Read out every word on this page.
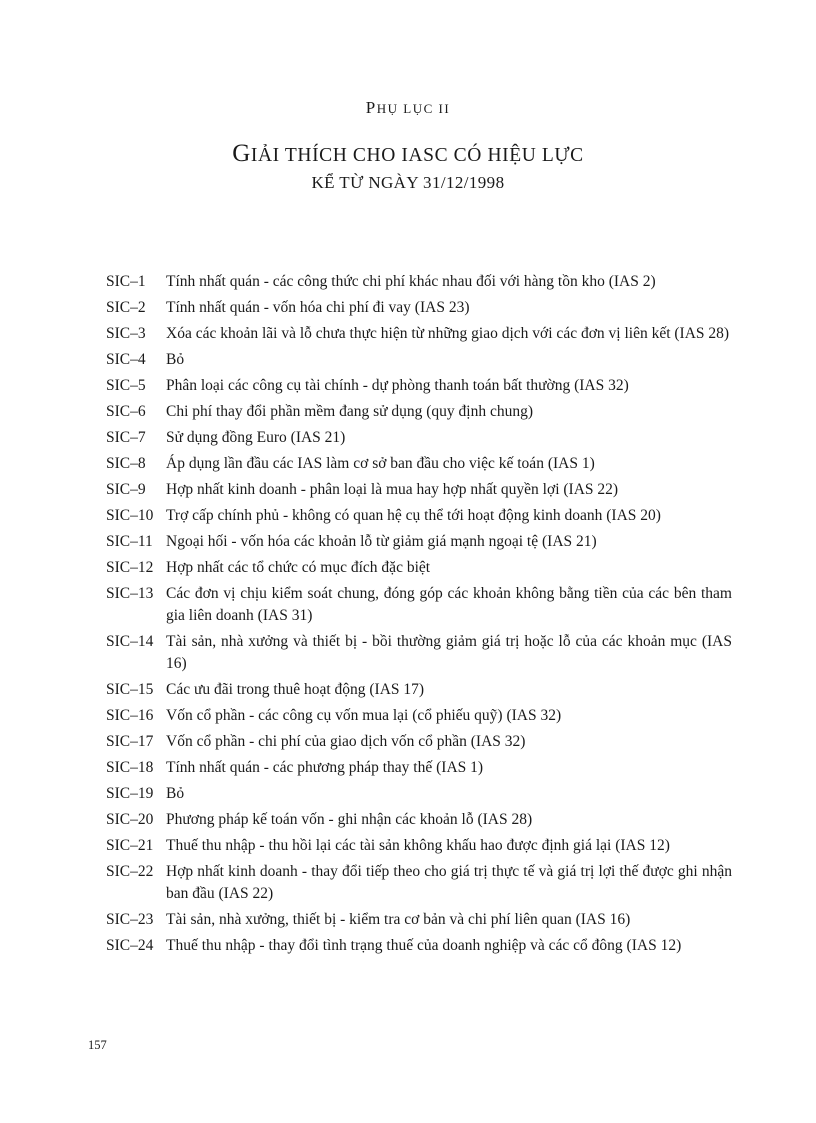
PHỤ LỤC II
GIẢI THÍCH CHO IASC CÓ HIỆU LỰC
KỂ TỪ NGÀY 31/12/1998

SIC–1 Tính nhất quán - các công thức chi phí khác nhau đối với hàng tồn kho (IAS 2)

SIC–2 Tính nhất quán - vốn hóa chi phí đi vay (IAS 23)

SIC–3 Xóa các khoản lãi và lỗ chưa thực hiện từ những giao dịch với các đơn vị liên kết (IAS 28)

SIC–4 Bỏ

SIC–5 Phân loại các công cụ tài chính - dự phòng thanh toán bất thường (IAS 32)

SIC–6 Chi phí thay đổi phần mềm đang sử dụng (quy định chung)

SIC–7 Sử dụng đồng Euro (IAS 21)

SIC–8 Áp dụng lần đầu các IAS làm cơ sở ban đầu cho việc kế toán (IAS 1)

SIC–9 Hợp nhất kinh doanh - phân loại là mua hay hợp nhất quyền lợi (IAS 22)

SIC–10 Trợ cấp chính phủ - không có quan hệ cụ thể tới hoạt động kinh doanh (IAS 20)

SIC–11 Ngoại hối - vốn hóa các khoản lỗ từ giảm giá mạnh ngoại tệ (IAS 21)

SIC–12 Hợp nhất các tổ chức có mục đích đặc biệt

SIC–13 Các đơn vị chịu kiểm soát chung, đóng góp các khoản không bằng tiền của các bên tham gia liên doanh (IAS 31)

SIC–14 Tài sản, nhà xưởng và thiết bị - bồi thường giảm giá trị hoặc lỗ của các khoản mục (IAS 16)

SIC–15 Các ưu đãi trong thuê hoạt động (IAS 17)

SIC–16 Vốn cổ phần - các công cụ vốn mua lại (cổ phiếu quỹ) (IAS 32)

SIC–17 Vốn cổ phần - chi phí của giao dịch vốn cổ phần (IAS 32)

SIC–18 Tính nhất quán - các phương pháp thay thế (IAS 1)

SIC–19 Bỏ

SIC–20 Phương pháp kế toán vốn - ghi nhận các khoản lỗ (IAS 28)

SIC–21 Thuế thu nhập - thu hồi lại các tài sản không khấu hao được định giá lại (IAS 12)

SIC–22 Hợp nhất kinh doanh - thay đổi tiếp theo cho giá trị thực tế và giá trị lợi thế được ghi nhận ban đầu (IAS 22)

SIC–23 Tài sản, nhà xưởng, thiết bị - kiểm tra cơ bản và chi phí liên quan (IAS 16)

SIC–24 Thuế thu nhập - thay đổi tình trạng thuế của doanh nghiệp và các cổ đông (IAS 12)

157
